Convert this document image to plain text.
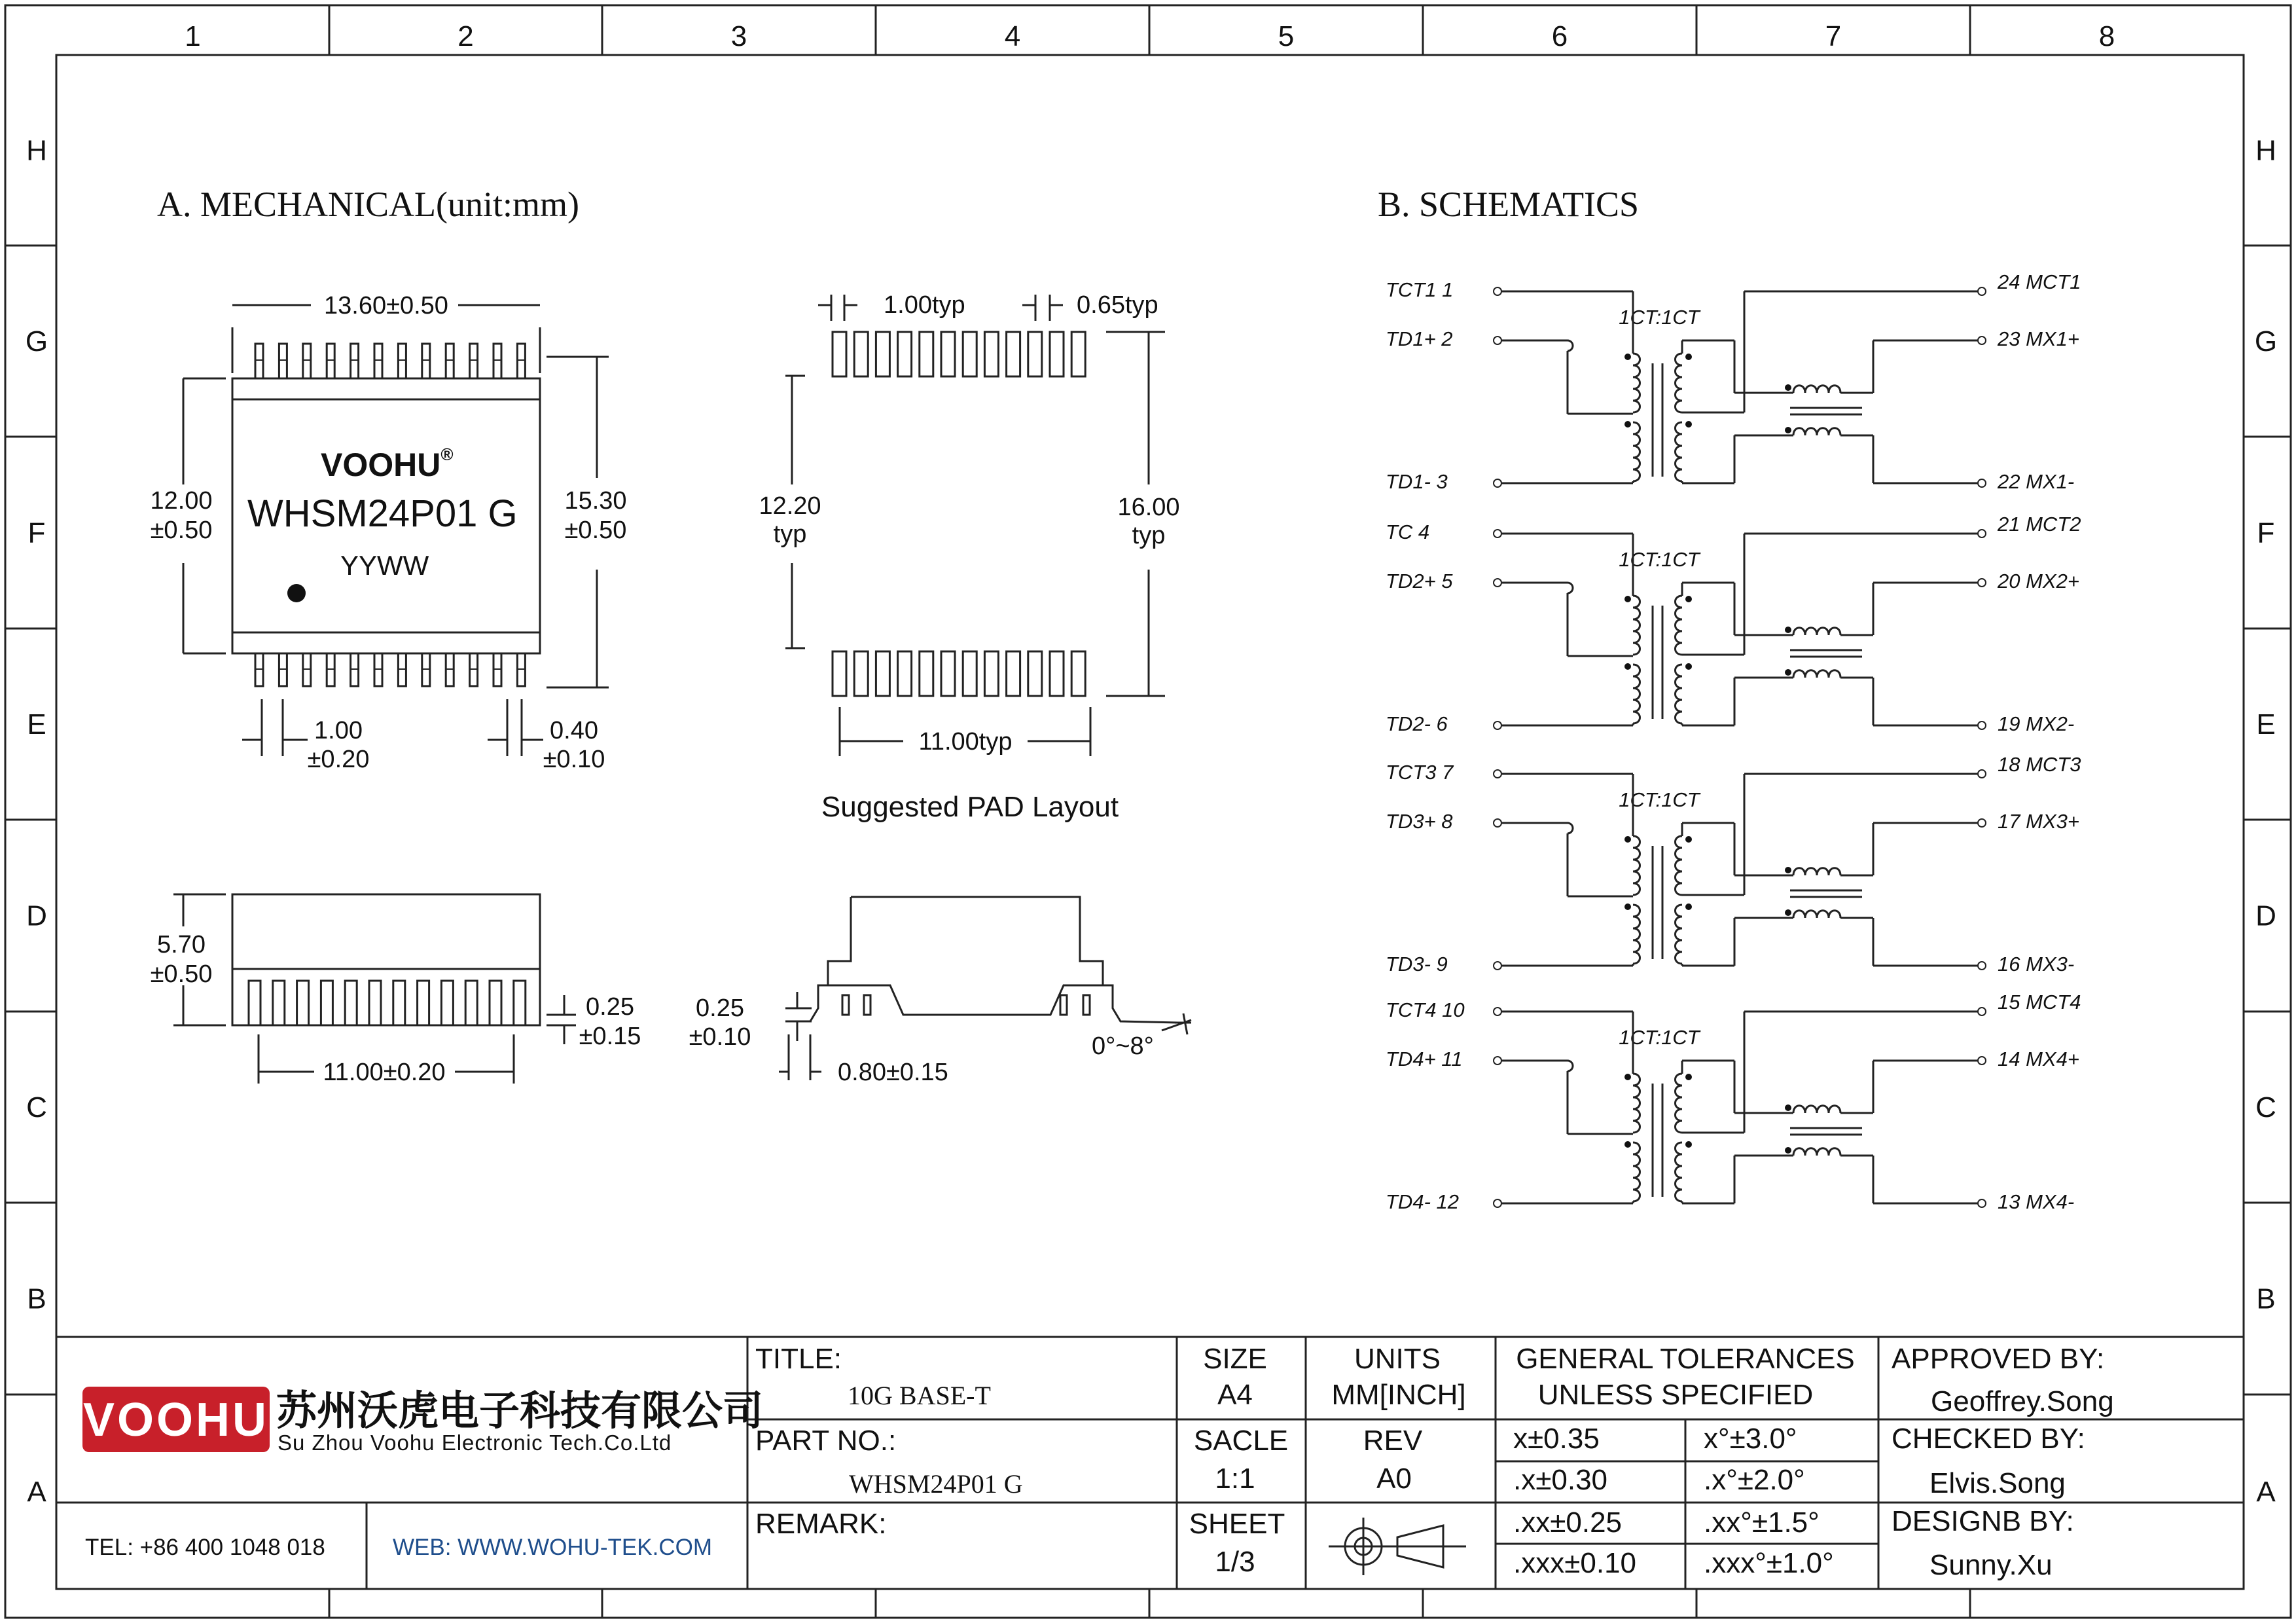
1	2	3	4	5	6	7	8
H	H
G	G
F	F
E	E
D	D
C	C
B	B
A	A
A. MECHANICAL(unit:mm)
VOOHU®
WHSM24P01 G
YYWW
13.60±0.50
12.00
±0.50
15.30
±0.50
1.00
±0.20
0.40
±0.10
5.70
±0.50
0.25
±0.15
11.00±0.20
1.00typ	0.65typ
12.20
typ
16.00
typ
11.00typ
Suggested PAD Layout
0.25
±0.10
0.80±0.15
0°~8°
B. SCHEMATICS
TCT1 1
TD1+ 2
TD1- 3
24 MCT1
23 MX1+
22 MX1-
1CT:1CT
TC 4
TD2+ 5
TD2- 6
21 MCT2
20 MX2+
19 MX2-
1CT:1CT
TCT3 7
TD3+ 8
TD3- 9
18 MCT3
17 MX3+
16 MX3-
1CT:1CT
TCT4 10
TD4+ 11
TD4- 12
15 MCT4
14 MX4+
13 MX4-
1CT:1CT
VOOHU 苏州沃虎电子科技有限公司
Su Zhou Voohu Electronic Tech.Co.Ltd
TEL: +86 400 1048 018	WEB: WWW.WOHU-TEK.COM
TITLE:
10G BASE-T
PART NO.:
WHSM24P01 G
REMARK:
SIZE
A4
SACLE
1:1
SHEET
1/3
UNITS
MM[INCH]
REV
A0
GENERAL TOLERANCES
UNLESS SPECIFIED
x±0.35	x°±3.0°
.x±0.30	.x°±2.0°
.xx±0.25	.xx°±1.5°
.xxx±0.10 .xxx°±1.0°
APPROVED BY:
Geoffrey.Song
CHECKED BY:
Elvis.Song
DESIGNB BY:
Sunny.Xu
